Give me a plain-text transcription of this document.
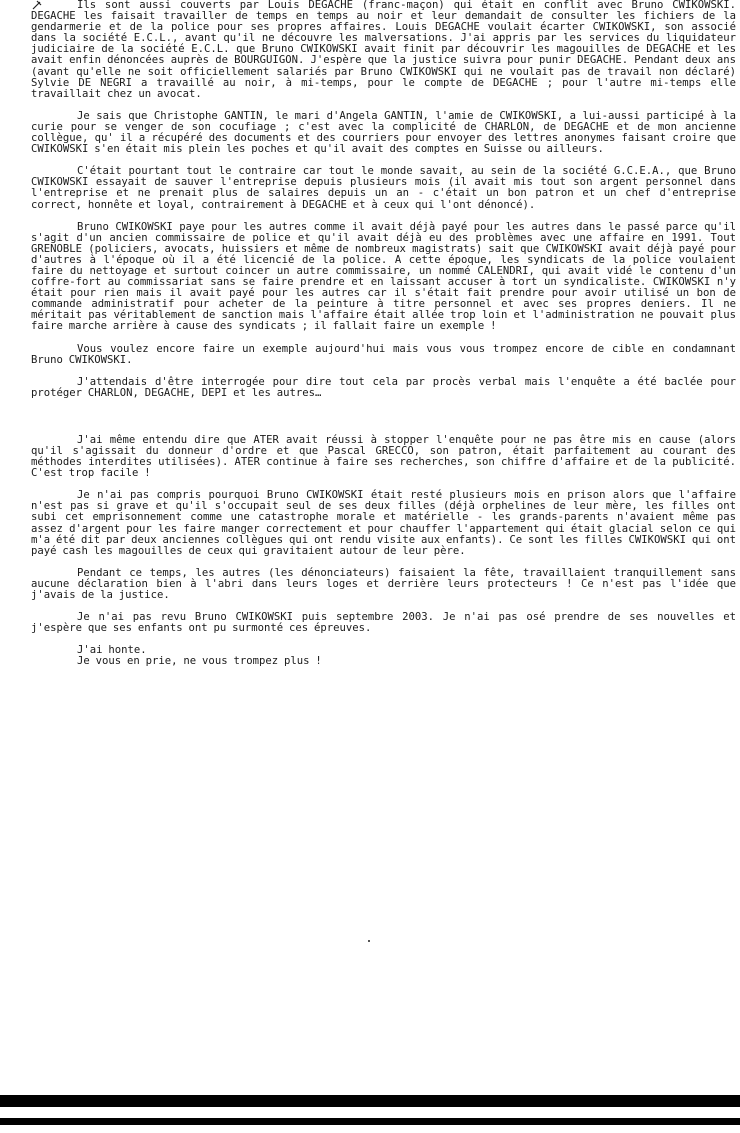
Ils sont aussi couverts par Louis DEGACHE (franc-maçon) qui était en conflit avec Bruno CWIKOWSKI. DEGACHE les faisait travailler de temps en temps au noir et leur demandait de consulter les fichiers de la gendarmerie et de la police pour ses propres affaires. Louis DEGACHE voulait écarter CWIKOWSKI, son associé dans la société E.C.L., avant qu'il ne découvre les malversations. J'ai appris par les services du liquidateur judiciaire de la société E.C.L. que Bruno CWIKOWSKI avait finit par découvrir les magouilles de DEGACHE et les avait enfin dénoncées auprès de BOURGUIGON. J'espère que la justice suivra pour punir DEGACHE. Pendant deux ans (avant qu'elle ne soit officiellement salariés par Bruno CWIKOWSKI qui ne voulait pas de travail non déclaré) Sylvie DE NEGRI a travaillé au noir, à mi-temps, pour le compte de DEGACHE ; pour l'autre mi-temps elle travaillait chez un avocat.

Je sais que Christophe GANTIN, le mari d'Angela GANTIN, l'amie de CWIKOWSKI, a lui-aussi participé à la curie pour se venger de son cocufiage ; c'est avec la complicité de CHARLON, de DEGACHE et de mon ancienne collègue, qu' il a récupéré des documents et des courriers pour envoyer des lettres anonymes faisant croire que CWIKOWSKI s'en était mis plein les poches et qu'il avait des comptes en Suisse ou ailleurs.

C'était pourtant tout le contraire car tout le monde savait, au sein de la société G.C.E.A., que Bruno CWIKOWSKI essayait de sauver l'entreprise depuis plusieurs mois (il avait mis tout son argent personnel dans l'entreprise et ne prenait plus de salaires depuis un an - c'était un bon patron et un chef d'entreprise correct, honnête et loyal, contrairement à DEGACHE et à ceux qui l'ont dénoncé).

Bruno CWIKOWSKI paye pour les autres comme il avait déjà payé pour les autres dans le passé parce qu'il s'agit d'un ancien commissaire de police et qu'il avait déjà eu des problèmes avec une affaire en 1991. Tout GRENOBLE (policiers, avocats, huissiers et même de nombreux magistrats) sait que CWIKOWSKI avait déjà payé pour d'autres à l'époque où il a été licencié de la police. A cette époque, les syndicats de la police voulaient faire du nettoyage et surtout coincer un autre commissaire, un nommé CALENDRI, qui avait vidé le contenu d'un coffre-fort au commissariat sans se faire prendre et en laissant accuser à tort un syndicaliste. CWIKOWSKI n'y était pour rien mais il avait payé pour les autres car il s'était fait prendre pour avoir utilisé un bon de commande administratif pour acheter de la peinture à titre personnel et avec ses propres deniers. Il ne méritait pas véritablement de sanction mais l'affaire était allée trop loin et l'administration ne pouvait plus faire marche arrière à cause des syndicats ; il fallait faire un exemple !

Vous voulez encore faire un exemple aujourd'hui mais vous vous trompez encore de cible en condamnant Bruno CWIKOWSKI.

J'attendais d'être interrogée pour dire tout cela par procès verbal mais l'enquête a été baclée pour protéger CHARLON, DEGACHE, DEPI et les autres…

J'ai même entendu dire que ATER avait réussi à stopper l'enquête pour ne pas être mis en cause (alors qu'il s'agissait du donneur d'ordre et que Pascal GRECCO, son patron, était parfaitement au courant des méthodes interdites utilisées). ATER continue à faire ses recherches, son chiffre d'affaire et de la publicité. C'est trop facile !

Je n'ai pas compris pourquoi Bruno CWIKOWSKI était resté plusieurs mois en prison alors que l'affaire n'est pas si grave et qu'il s'occupait seul de ses deux filles (déjà orphelines de leur mère, les filles ont subi cet emprisonnement comme une catastrophe morale et matérielle - les grands-parents n'avaient même pas assez d'argent pour les faire manger correctement et pour chauffer l'appartement qui était glacial selon ce qui m'a été dit par deux anciennes collègues qui ont rendu visite aux enfants). Ce sont les filles CWIKOWSKI qui ont payé cash les magouilles de ceux qui gravitaient autour de leur père.

Pendant ce temps, les autres (les dénonciateurs) faisaient la fête, travaillaient tranquillement sans aucune déclaration bien à l'abri dans leurs loges et derrière leurs protecteurs ! Ce n'est pas l'idée que j'avais de la justice.

Je n'ai pas revu Bruno CWIKOWSKI puis septembre 2003. Je n'ai pas osé prendre de ses nouvelles et j'espère que ses enfants ont pu surmonté ces épreuves.

J'ai honte.

Je vous en prie, ne vous trompez plus !
